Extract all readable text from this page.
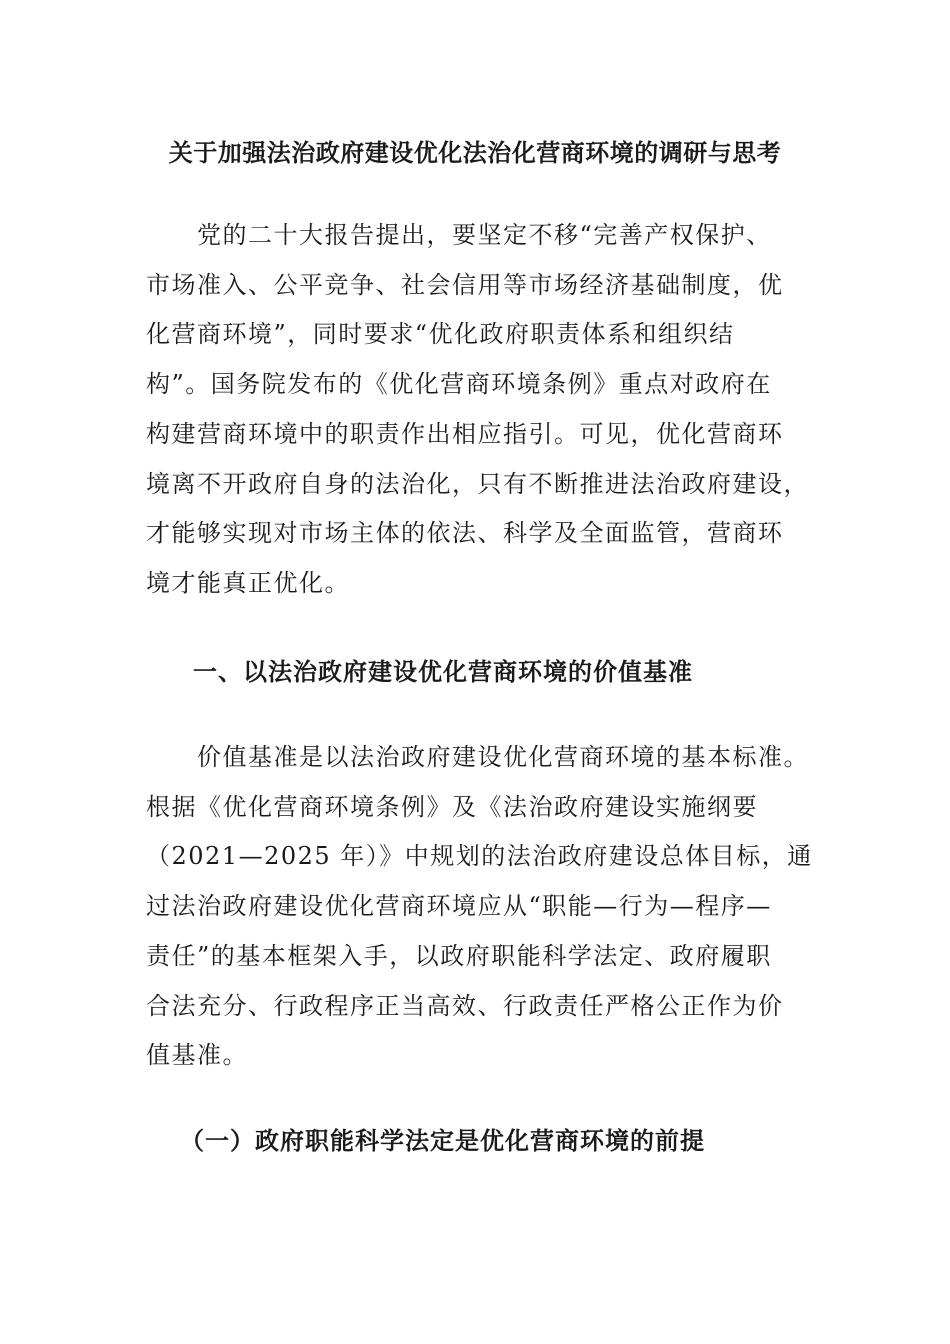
关于加强法治政府建设优化法治化营商环境的调研与思考
　　党的二十大报告提出，要坚定不移“完善产权保护、
市场准入、公平竞争、社会信用等市场经济基础制度，优
化营商环境”，同时要求“优化政府职责体系和组织结
构”。国务院发布的《优化营商环境条例》重点对政府在
构建营商环境中的职责作出相应指引。可见，优化营商环
境离不开政府自身的法治化，只有不断推进法治政府建设，
才能够实现对市场主体的依法、科学及全面监管，营商环
境才能真正优化。
一、以法治政府建设优化营商环境的价值基准
　　价值基准是以法治政府建设优化营商环境的基本标准。
根据《优化营商环境条例》及《法治政府建设实施纲要
（2021—2025 年）》中规划的法治政府建设总体目标，通
过法治政府建设优化营商环境应从“职能—行为—程序—
责任”的基本框架入手，以政府职能科学法定、政府履职
合法充分、行政程序正当高效、行政责任严格公正作为价
值基准。
（一）政府职能科学法定是优化营商环境的前提
